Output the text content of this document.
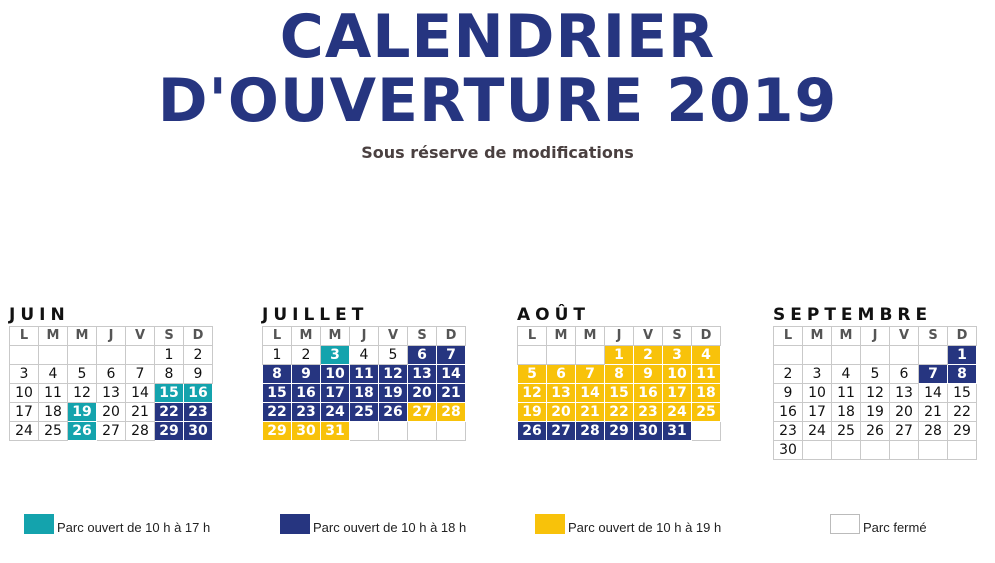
CALENDRIER
D'OUVERTURE 2019
Sous réserve de modifications
JUIN
L	M	M	J	V	S	D
					1	2
3	4	5	6	7	8	9
10	11	12	13	14	15	16
17	18	19	20	21	22	23
24	25	26	27	28	29	30
JUILLET
L	M	M	J	V	S	D
1	2	3	4	5	6	7
8	9	10	11	12	13	14
15	16	17	18	19	20	21
22	23	24	25	26	27	28
29	30	31				
AOÛT
L	M	M	J	V	S	D
			1	2	3	4
5	6	7	8	9	10	11
12	13	14	15	16	17	18
19	20	21	22	23	24	25
26	27	28	29	30	31	
SEPTEMBRE
L	M	M	J	V	S	D
						1
2	3	4	5	6	7	8
9	10	11	12	13	14	15
16	17	18	19	20	21	22
23	24	25	26	27	28	29
30						
Parc ouvert de 10 h à 17 h	Parc ouvert de 10 h à 18 h	Parc ouvert de 10 h à 19 h	Parc fermé
